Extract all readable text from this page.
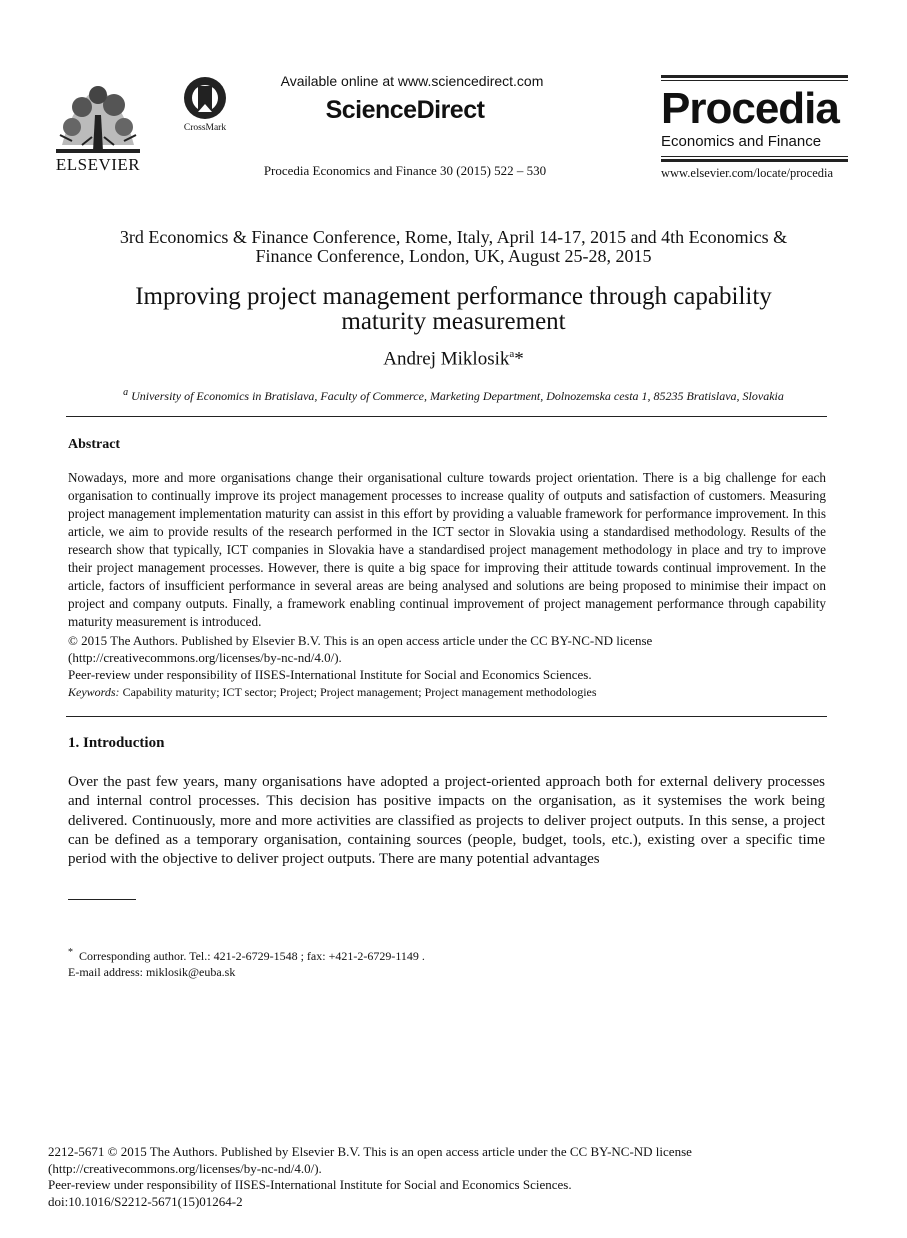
ELSEVIER
CrossMark
Available online at www.sciencedirect.com
ScienceDirect
Procedia Economics and Finance 30 (2015) 522 – 530
Procedia
Economics and Finance
www.elsevier.com/locate/procedia
3rd Economics & Finance Conference, Rome, Italy, April 14-17, 2015 and 4th Economics &
Finance Conference, London, UK, August 25-28, 2015
Improving project management performance through capability
maturity measurement
Andrej Miklosik$^a$*
$^a$ University of Economics in Bratislava, Faculty of Commerce, Marketing Department, Dolnozemska cesta 1, 85235 Bratislava, Slovakia
Abstract
Nowadays, more and more organisations change their organisational culture towards project orientation. There is a big challenge for each organisation to continually improve its project management processes to increase quality of outputs and satisfaction of customers. Measuring project management implementation maturity can assist in this effort by providing a valuable framework for performance improvement. In this article, we aim to provide results of the research performed in the ICT sector in Slovakia using a standardised methodology. Results of the research show that typically, ICT companies in Slovakia have a standardised project management methodology in place and try to improve their project management processes. However, there is quite a big space for improving their attitude towards continual improvement. In the article, factors of insufficient performance in several areas are being analysed and solutions are being proposed to minimise their impact on project and company outputs. Finally, a framework enabling continual improvement of project management performance through capability maturity measurement is introduced.
© 2015 The Authors. Published by Elsevier B.V. This is an open access article under the CC BY-NC-ND license
(http://creativecommons.org/licenses/by-nc-nd/4.0/).
Peer-review under responsibility of IISES-International Institute for Social and Economics Sciences.
Keywords: Capability maturity; ICT sector; Project; Project management; Project management methodologies
1. Introduction
Over the past few years, many organisations have adopted a project-oriented approach both for external delivery processes and internal control processes. This decision has positive impacts on the organisation, as it systemises the work being delivered. Continuously, more and more activities are classified as projects to deliver project outputs. In this sense, a project can be defined as a temporary organisation, containing sources (people, budget, tools, etc.), existing over a specific time period with the objective to deliver project outputs. There are many potential advantages
* Corresponding author. Tel.: 421-2-6729-1548 ; fax: +421-2-6729-1149 .
E-mail address: miklosik@euba.sk
2212-5671 © 2015 The Authors. Published by Elsevier B.V. This is an open access article under the CC BY-NC-ND license
(http://creativecommons.org/licenses/by-nc-nd/4.0/).
Peer-review under responsibility of IISES-International Institute for Social and Economics Sciences.
doi:10.1016/S2212-5671(15)01264-2
